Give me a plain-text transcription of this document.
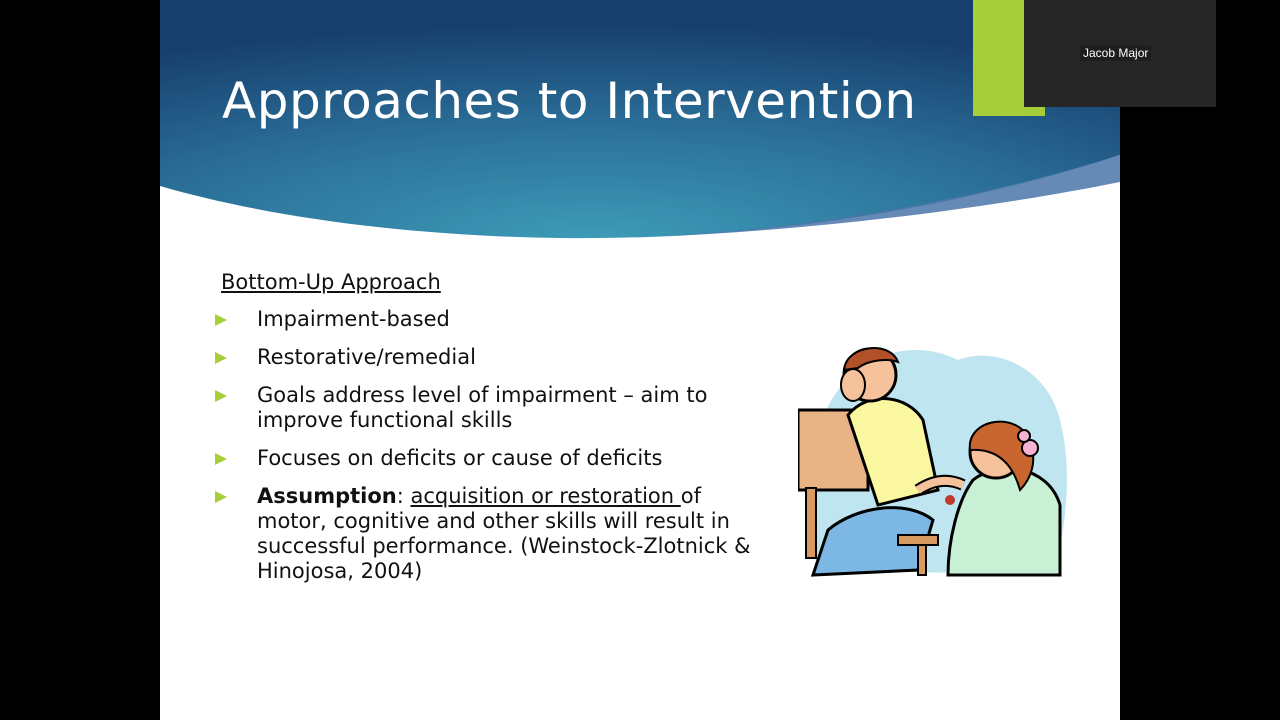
Approaches to Intervention
Bottom-Up Approach
Impairment-based
Restorative/remedial
Goals address level of impairment – aim to improve functional skills
Focuses on deficits or cause of deficits
Assumption: acquisition or restoration of motor, cognitive and other skills will result in successful performance. (Weinstock-Zlotnick & Hinojosa, 2004)
Jacob Major
